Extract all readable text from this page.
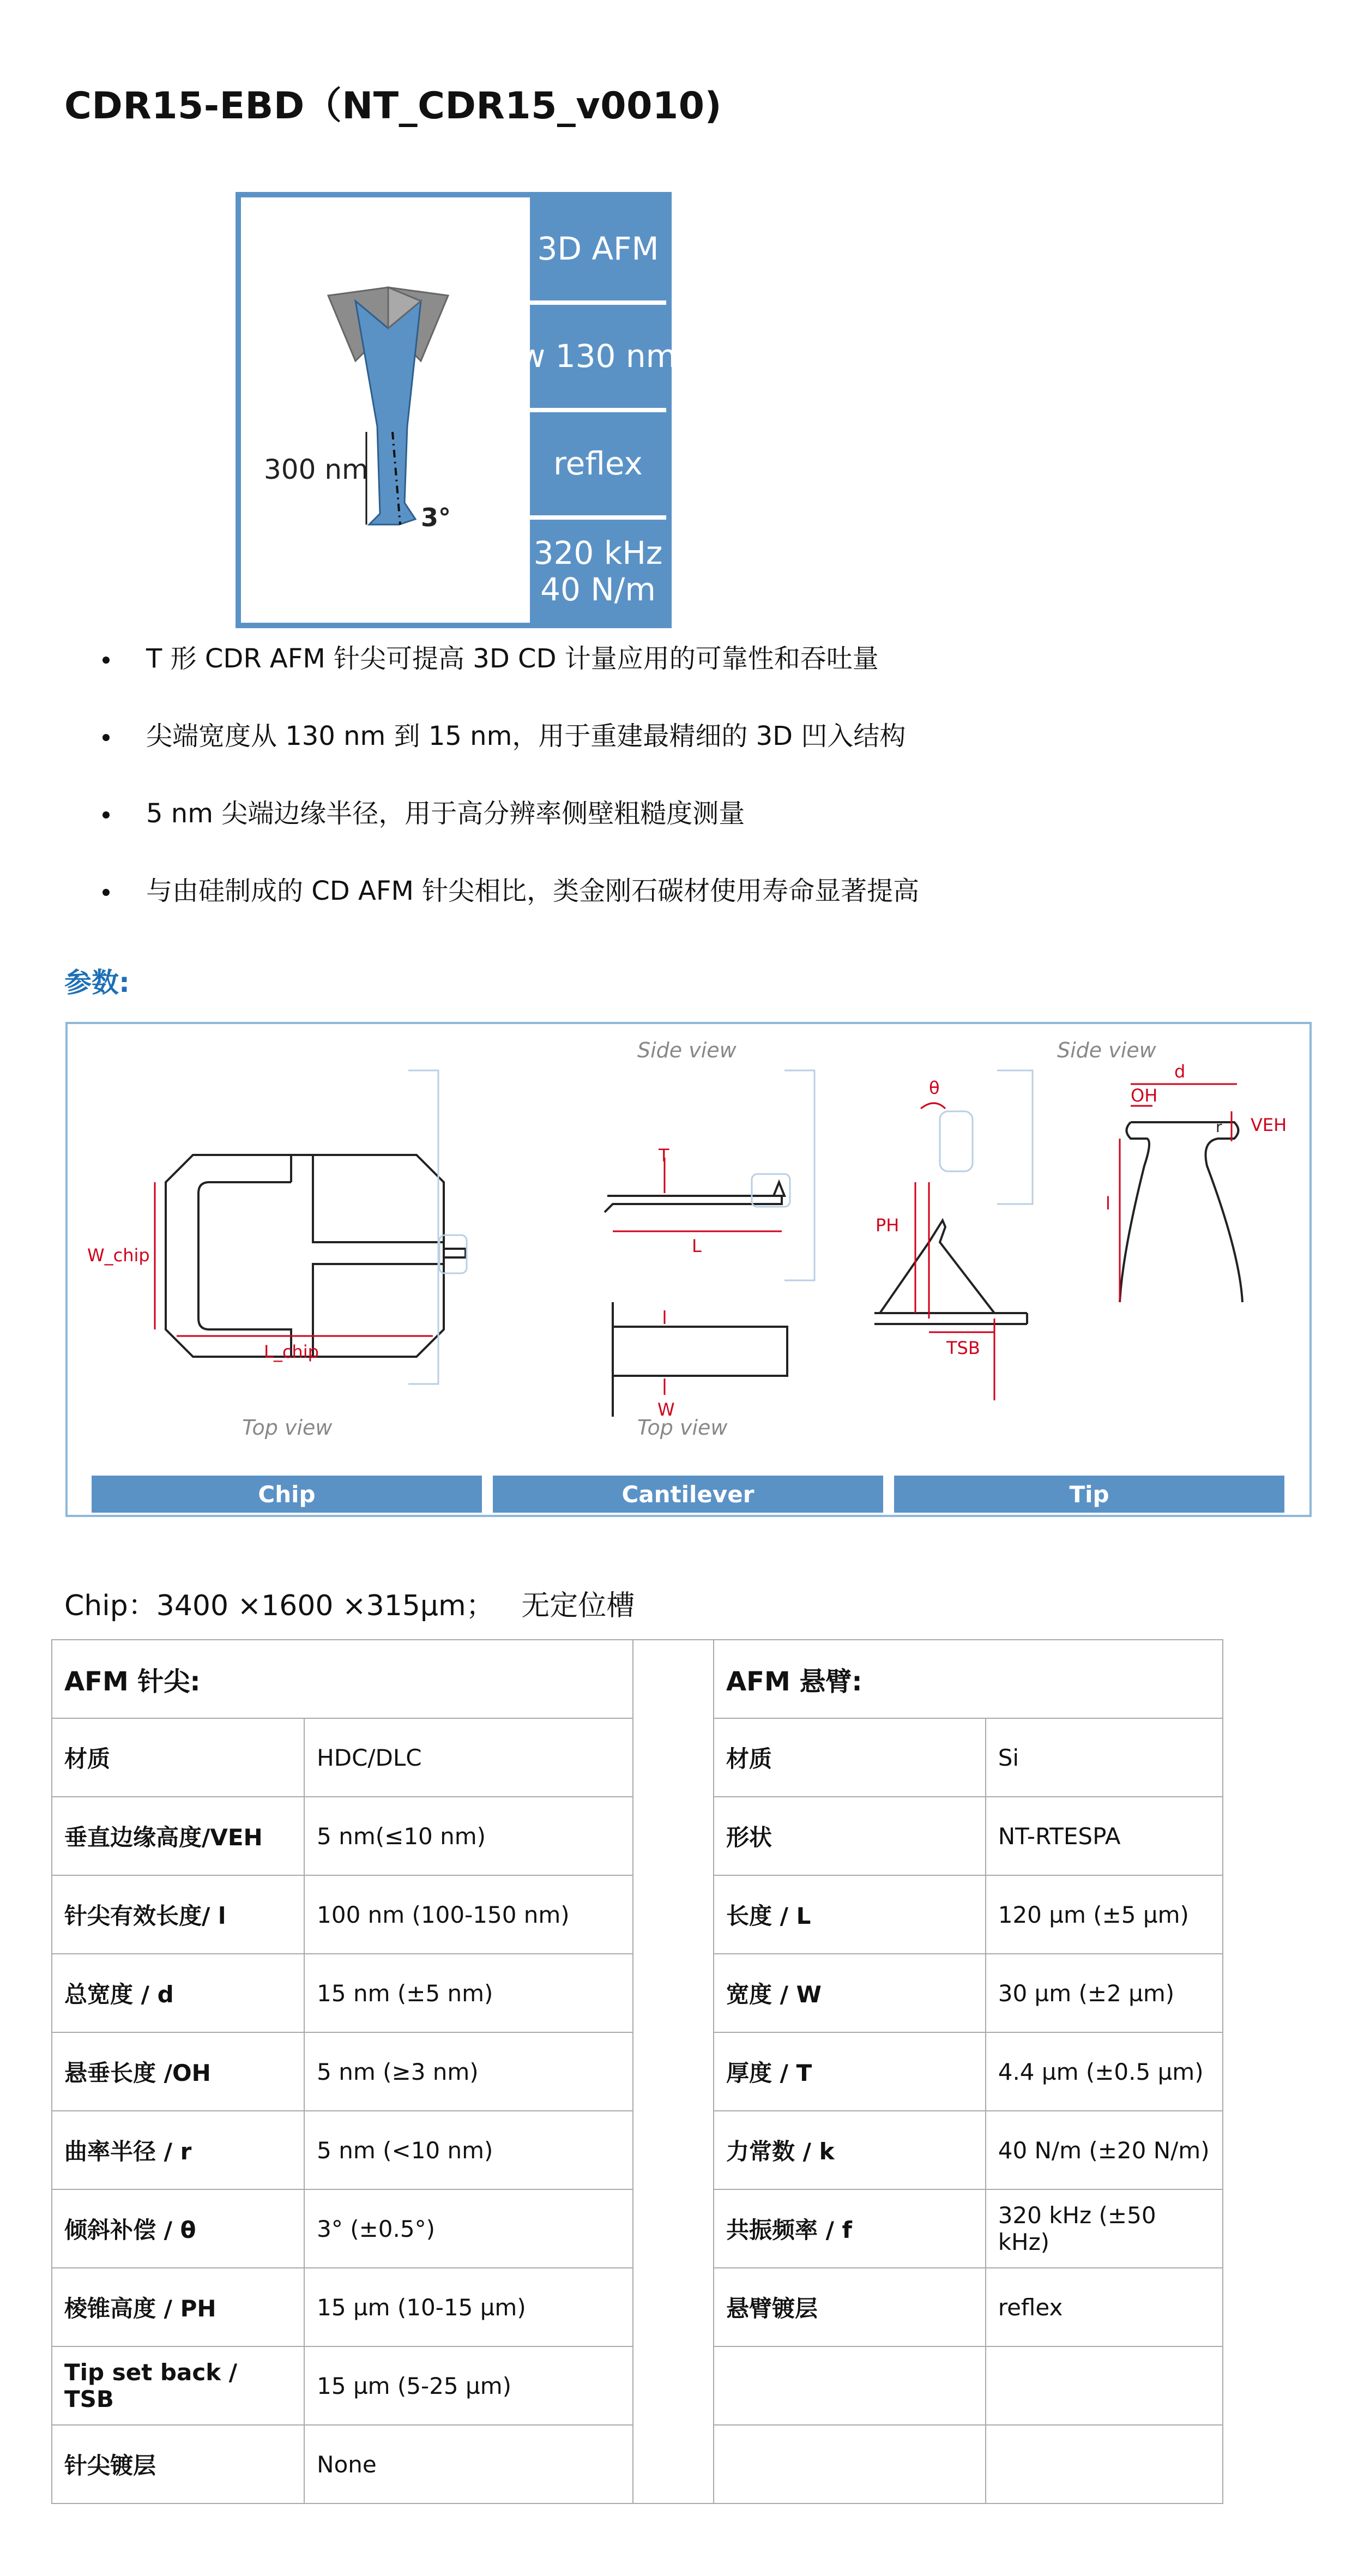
CDR15-EBD（NT_CDR15_v0010)
300 nm
3°
3D AFM
w 130 nm
reflex
320 kHz
40 N/m
T 形 CDR AFM 针尖可提高 3D CD 计量应用的可靠性和吞吐量
尖端宽度从 130 nm 到 15 nm，用于重建最精细的 3D 凹入结构
5 nm 尖端边缘半径，用于高分辨率侧壁粗糙度测量
与由硅制成的 CD AFM 针尖相比，类金刚石碳材使用寿命显著提高
参数:
Side view	Side view
Top view	Top view
W_chip
L_chip
T
L
W
θ
PH
TSB
d
OH
VEH
l
r
Chip	Cantilever	Tip
Chip：3400 ×1600 ×315µm； 无定位槽
AFM 针尖:	
材质	HDC/DLC
垂直边缘高度/VEH	5 nm(≤10 nm)
针尖有效长度/ l	100 nm (100-150 nm)
总宽度 / d	15 nm (±5 nm)
悬垂长度 /OH	5 nm (≥3 nm)
曲率半径 / r	5 nm (<10 nm)
倾斜补偿 / θ	3° (±0.5°)
棱锥高度 / PH	15 µm (10-15 µm)
Tip set back / TSB	15 µm (5-25 µm)
针尖镀层	None
AFM 悬臂:	
材质	Si
形状	NT-RTESPA
长度 / L	120 µm (±5 µm)
宽度 / W	30 µm (±2 µm)
厚度 / T	4.4 µm (±0.5 µm)
力常数 / k	40 N/m (±20 N/m)
共振频率 / f	320 kHz (±50 kHz)
悬臂镀层	reflex
